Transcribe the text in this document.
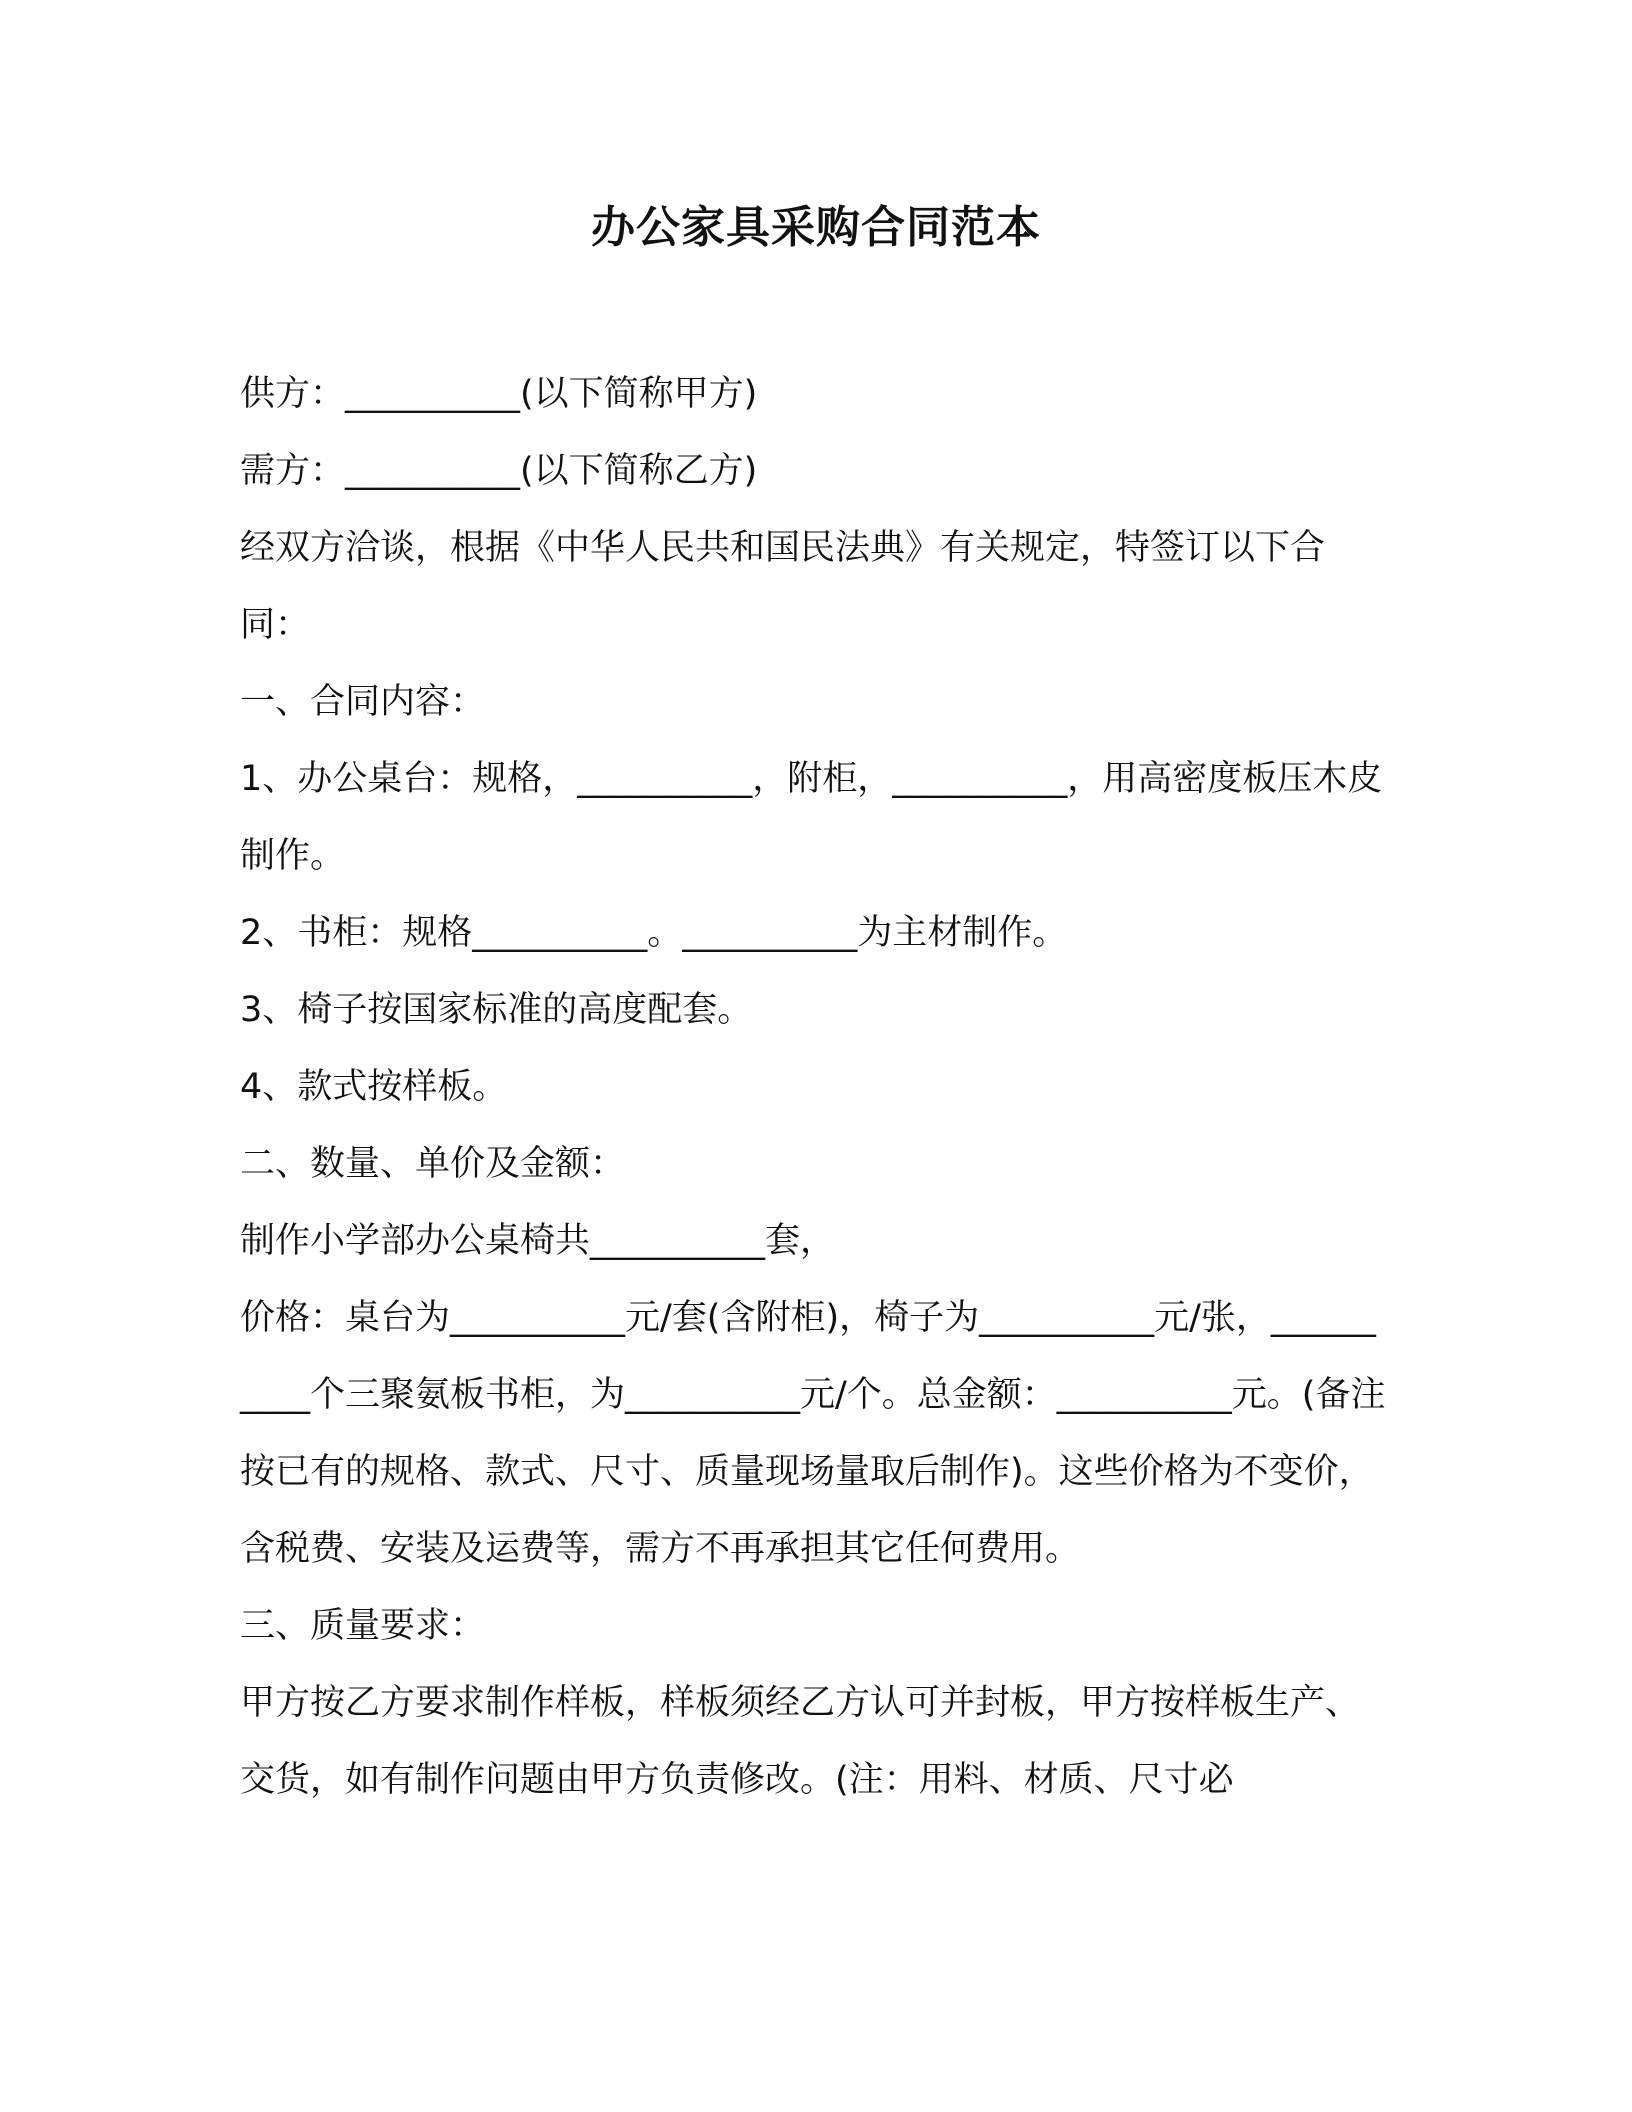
办公家具采购合同范本

供方：__________(以下简称甲方)

需方：__________(以下简称乙方)

经双方洽谈，根据《中华人民共和国民法典》有关规定，特签订以下合同：

一、合同内容：

1、办公桌台：规格，__________，附柜，__________，用高密度板压木皮制作。

2、书柜：规格__________。__________为主材制作。

3、椅子按国家标准的高度配套。

4、款式按样板。

二、数量、单价及金额：

制作小学部办公桌椅共__________套，

价格：桌台为__________元/套(含附柜)，椅子为__________元/张，__________个三聚氨板书柜，为__________元/个。总金额：__________元。(备注按已有的规格、款式、尺寸、质量现场量取后制作)。这些价格为不变价，含税费、安装及运费等，需方不再承担其它任何费用。

三、质量要求：

甲方按乙方要求制作样板，样板须经乙方认可并封板，甲方按样板生产、交货，如有制作问题由甲方负责修改。(注：用料、材质、尺寸必
